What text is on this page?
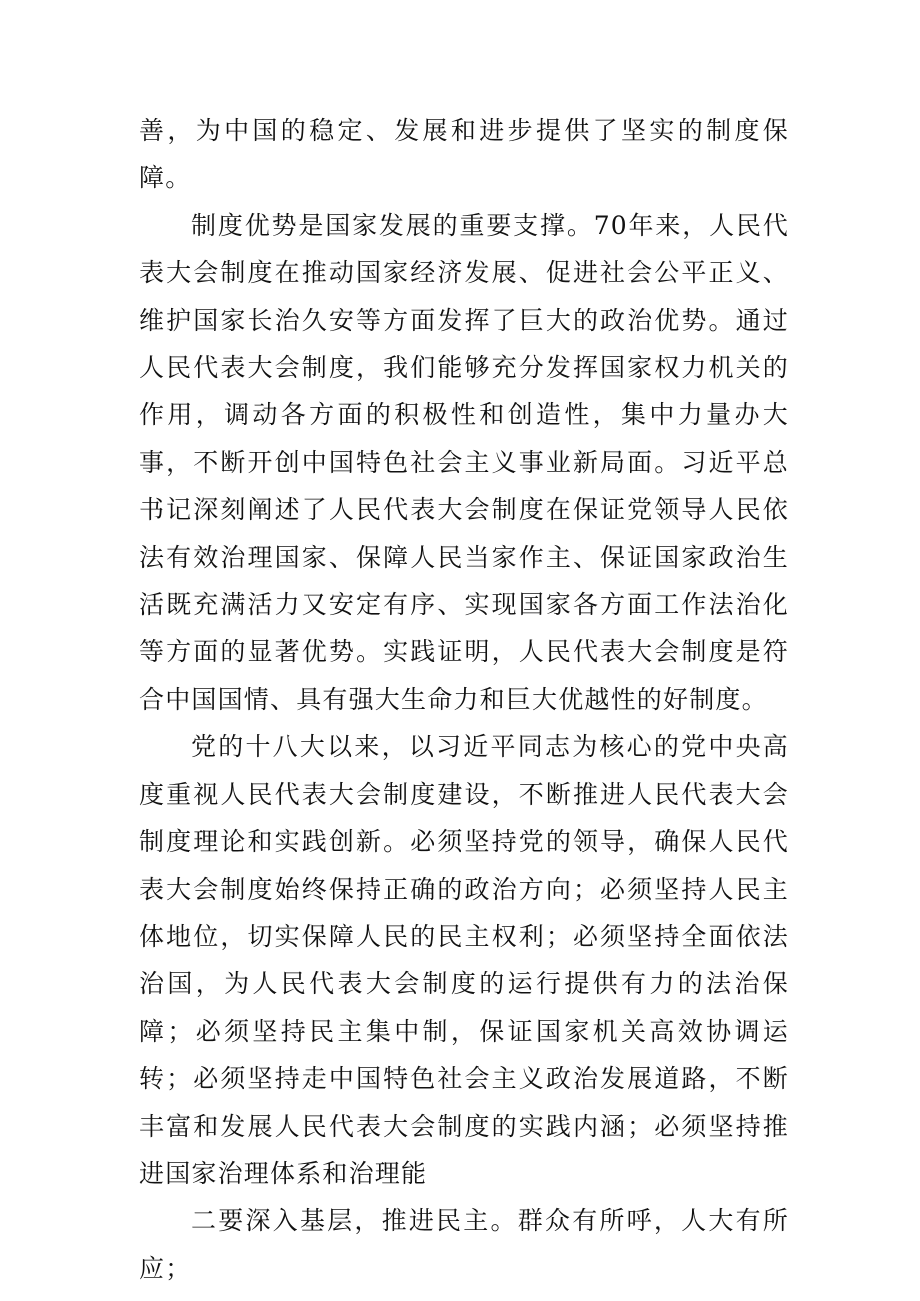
善，为中国的稳定、发展和进步提供了坚实的制度保障。

制度优势是国家发展的重要支撑。70年来，人民代表大会制度在推动国家经济发展、促进社会公平正义、维护国家长治久安等方面发挥了巨大的政治优势。通过人民代表大会制度，我们能够充分发挥国家权力机关的作用，调动各方面的积极性和创造性，集中力量办大事，不断开创中国特色社会主义事业新局面。习近平总书记深刻阐述了人民代表大会制度在保证党领导人民依法有效治理国家、保障人民当家作主、保证国家政治生活既充满活力又安定有序、实现国家各方面工作法治化等方面的显著优势。实践证明，人民代表大会制度是符合中国国情、具有强大生命力和巨大优越性的好制度。

党的十八大以来，以习近平同志为核心的党中央高度重视人民代表大会制度建设，不断推进人民代表大会制度理论和实践创新。必须坚持党的领导，确保人民代表大会制度始终保持正确的政治方向；必须坚持人民主体地位，切实保障人民的民主权利；必须坚持全面依法治国，为人民代表大会制度的运行提供有力的法治保障；必须坚持民主集中制，保证国家机关高效协调运转；必须坚持走中国特色社会主义政治发展道路，不断丰富和发展人民代表大会制度的实践内涵；必须坚持推进国家治理体系和治理能

二要深入基层，推进民主。群众有所呼，人大有所应；
